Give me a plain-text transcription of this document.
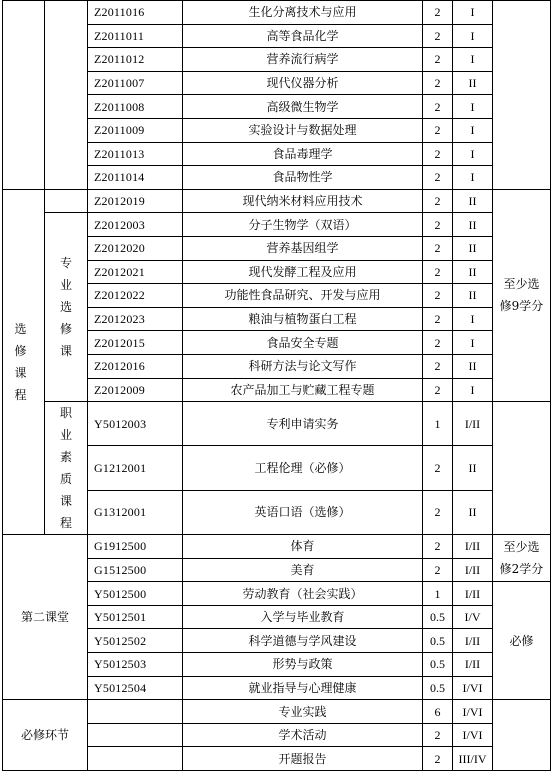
		Z2011016	生化分离技术与应用	2	I	
		Z2011011	高等食品化学	2	I	
		Z2011012	营养流行病学	2	I	
		Z2011007	现代仪器分析	2	II	
		Z2011008	高级微生物学	2	I	
		Z2011009	实验设计与数据处理	2	I	
		Z2011013	食品毒理学	2	I	
		Z2011014	食品物性学	2	I	
选修课程		Z2012019	现代纳米材料应用技术	2	II	至少选修9学分
	专业选修课	Z2012003	分子生物学（双语）	2	II	
		Z2012020	营养基因组学	2	II	
		Z2012021	现代发酵工程及应用	2	II	
		Z2012022	功能性食品研究、开发与应用	2	II	
		Z2012023	粮油与植物蛋白工程	2	I	
		Z2012015	食品安全专题	2	I	
		Z2012016	科研方法与论文写作	2	II	
		Z2012009	农产品加工与贮藏工程专题	2	I	
	职业素质课程	Y5012003	专利申请实务	1	I/II	
		G1212001	工程伦理（必修）	2	II	
		G1312001	英语口语（选修）	2	II	
第二课堂		G1912500	体育	2	I/II	至少选修2学分
		G1512500	美育	2	I/II	
		Y5012500	劳动教育（社会实践）	1	I/II	必修
		Y5012501	入学与毕业教育	0.5	I/V	
		Y5012502	科学道德与学风建设	0.5	I/II	
		Y5012503	形势与政策	0.5	I/II	
		Y5012504	就业指导与心理健康	0.5	I/VI	
必修环节			专业实践	6	I/VI	
			学术活动	2	I/VI	
			开题报告	2	III/IV	
